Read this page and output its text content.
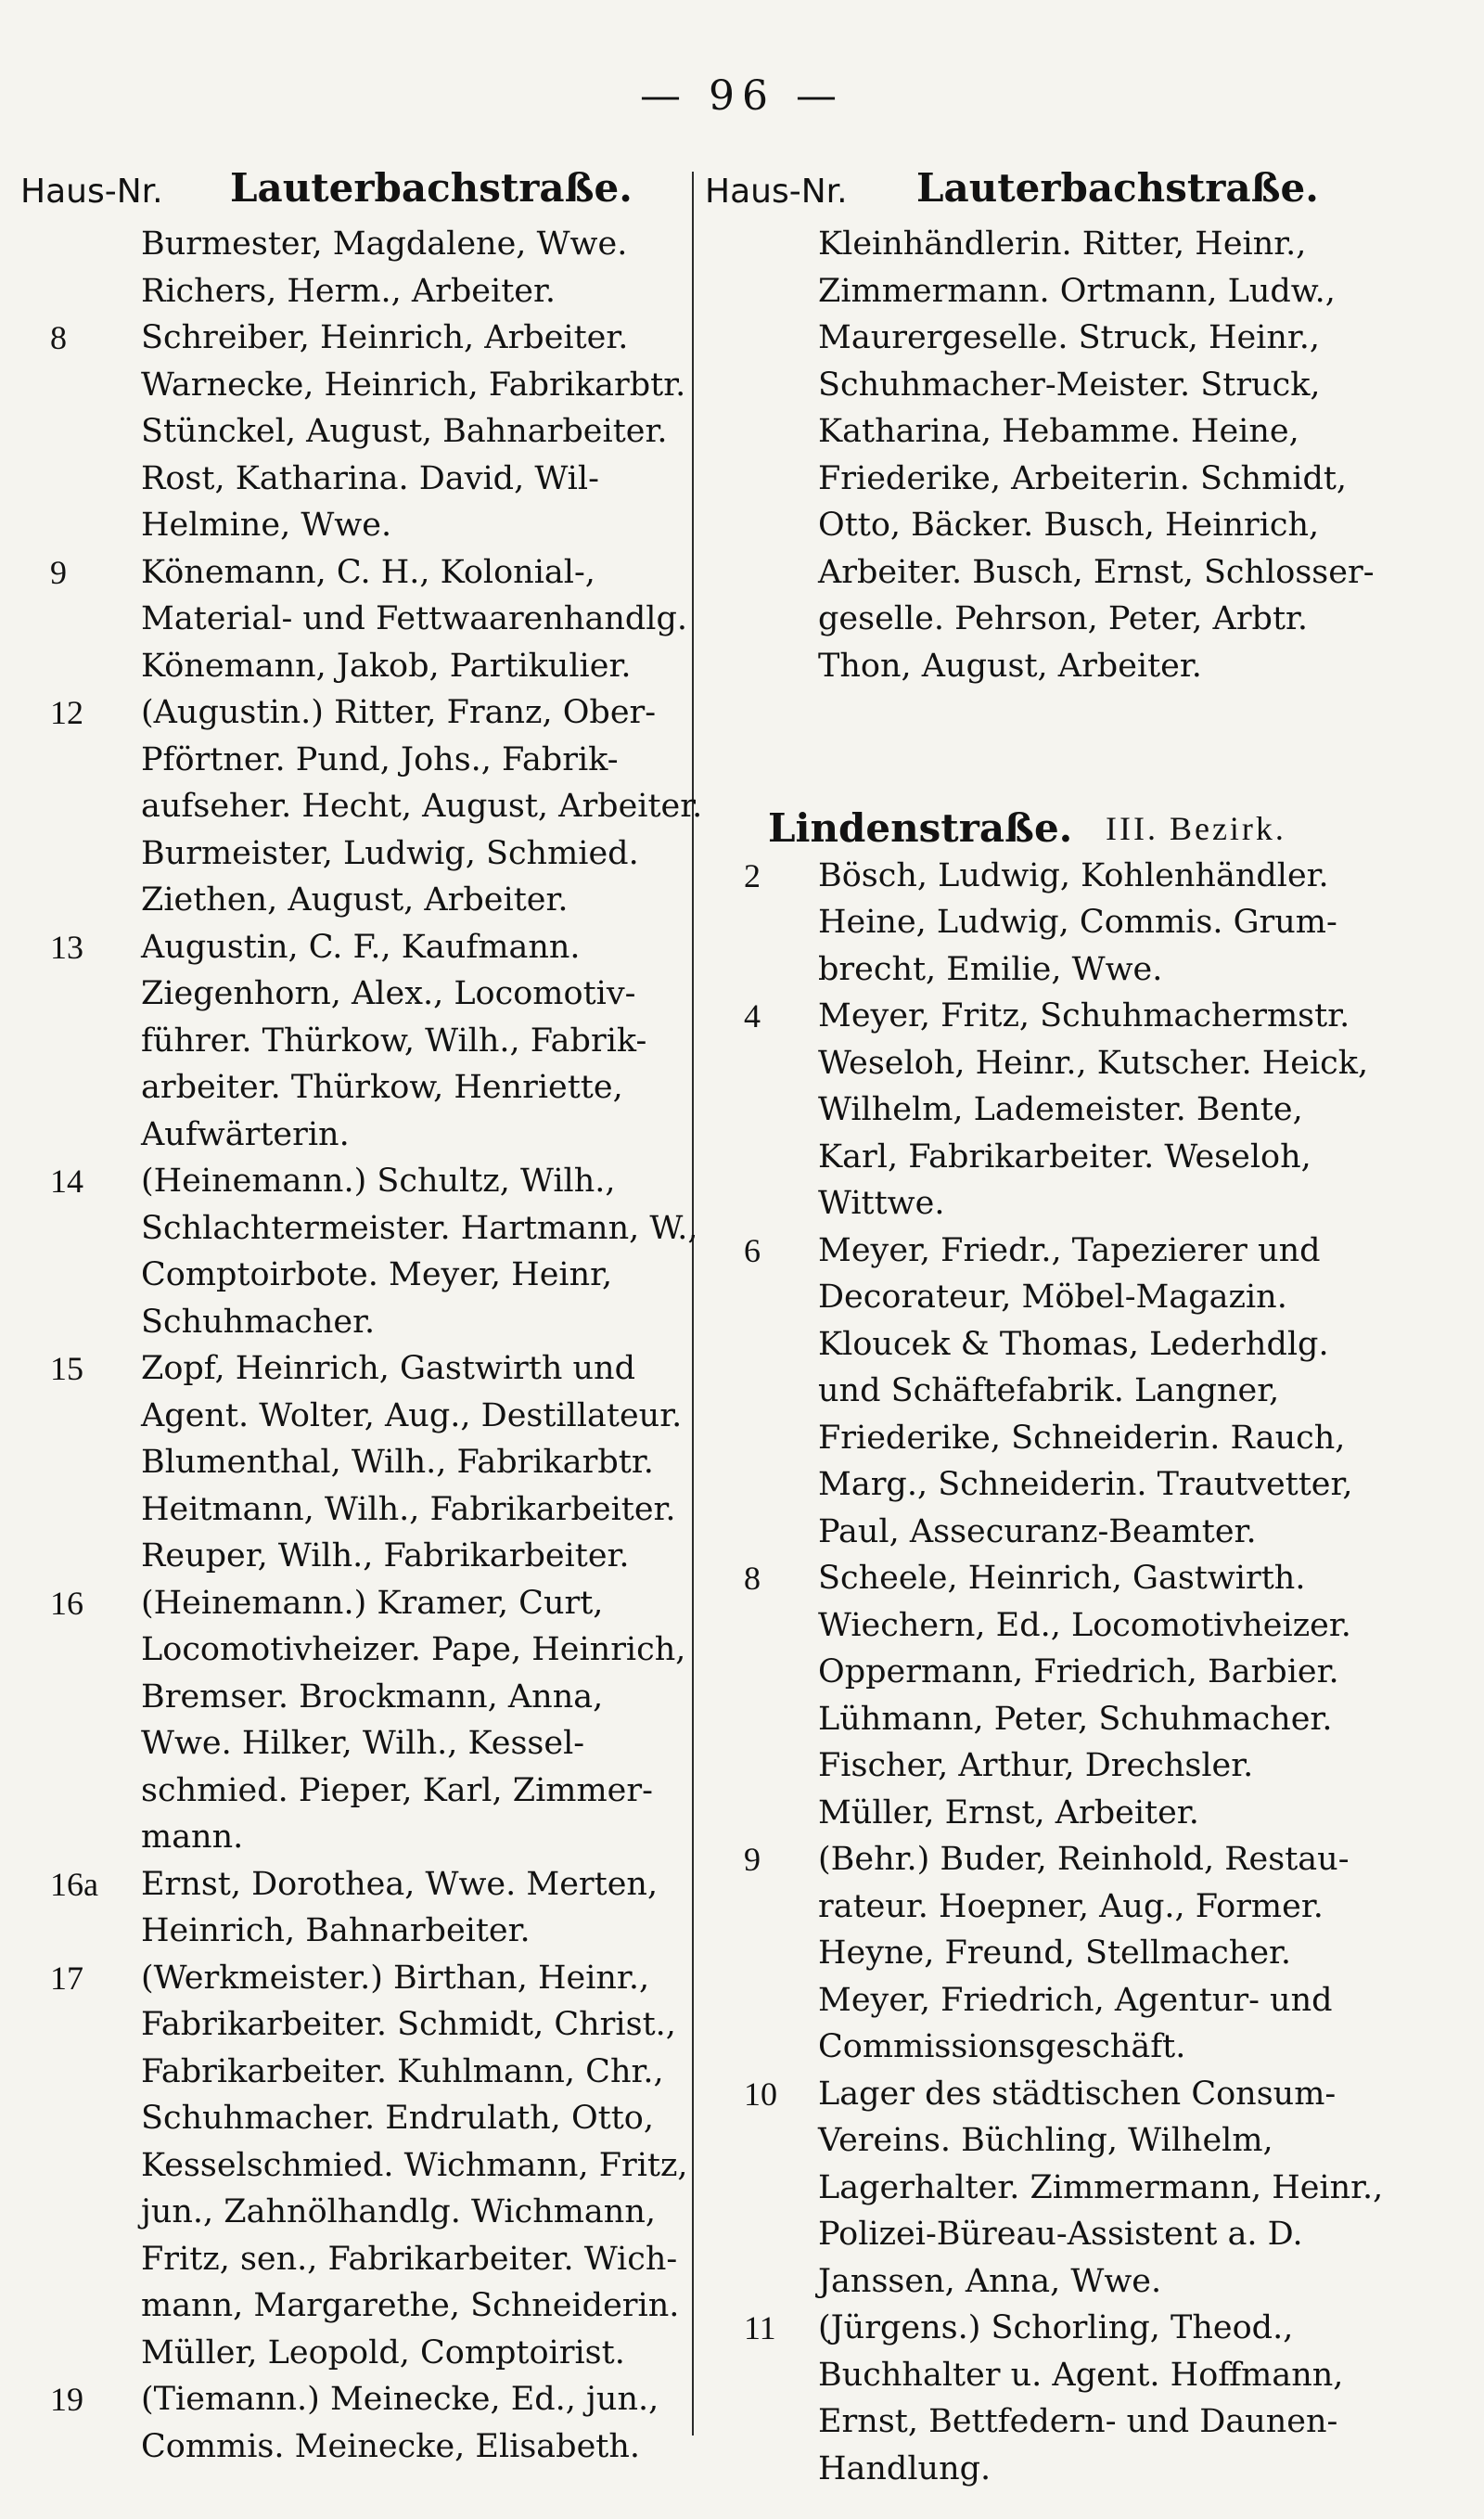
— 96 —
Haus-Nr. Lauterbachstraße.
Burmester, Magdalene, Wwe.
Richers, Herm., Arbeiter.
8	Schreiber, Heinrich, Arbeiter.
Warnecke, Heinrich, Fabrikarbtr.
Stünckel, August, Bahnarbeiter.
Rost, Katharina. David, Wil-
Helmine, Wwe.
9	Könemann, C. H., Kolonial-,
Material- und Fettwaarenhandlg.
Könemann, Jakob, Partikulier.
12	(Augustin.) Ritter, Franz, Ober-
Pförtner. Pund, Johs., Fabrik-
aufseher. Hecht, August, Arbeiter.
Burmeister, Ludwig, Schmied.
Ziethen, August, Arbeiter.
13	Augustin, C. F., Kaufmann.
Ziegenhorn, Alex., Locomotiv-
führer. Thürkow, Wilh., Fabrik-
arbeiter. Thürkow, Henriette,
Aufwärterin.
14	(Heinemann.) Schultz, Wilh.,
Schlachtermeister. Hartmann, W.,
Comptoirbote. Meyer, Heinr,
Schuhmacher.
15	Zopf, Heinrich, Gastwirth und
Agent. Wolter, Aug., Destillateur.
Blumenthal, Wilh., Fabrikarbtr.
Heitmann, Wilh., Fabrikarbeiter.
Reuper, Wilh., Fabrikarbeiter.
16	(Heinemann.) Kramer, Curt,
Locomotivheizer. Pape, Heinrich,
Bremser. Brockmann, Anna,
Wwe. Hilker, Wilh., Kessel-
schmied. Pieper, Karl, Zimmer-
mann.
16a	Ernst, Dorothea, Wwe. Merten,
Heinrich, Bahnarbeiter.
17	(Werkmeister.) Birthan, Heinr.,
Fabrikarbeiter. Schmidt, Christ.,
Fabrikarbeiter. Kuhlmann, Chr.,
Schuhmacher. Endrulath, Otto,
Kesselschmied. Wichmann, Fritz,
jun., Zahnölhandlg. Wichmann,
Fritz, sen., Fabrikarbeiter. Wich-
mann, Margarethe, Schneiderin.
Müller, Leopold, Comptoirist.
19	(Tiemann.) Meinecke, Ed., jun.,
Commis. Meinecke, Elisabeth.
Haus-Nr. Lauterbachstraße.
Kleinhändlerin. Ritter, Heinr.,
Zimmermann. Ortmann, Ludw.,
Maurergeselle. Struck, Heinr.,
Schuhmacher-Meister. Struck,
Katharina, Hebamme. Heine,
Friederike, Arbeiterin. Schmidt,
Otto, Bäcker. Busch, Heinrich,
Arbeiter. Busch, Ernst, Schlosser-
geselle. Pehrson, Peter, Arbtr.
Thon, August, Arbeiter.
Lindenstraße. III. Bezirk.
2	Bösch, Ludwig, Kohlenhändler.
Heine, Ludwig, Commis. Grum-
brecht, Emilie, Wwe.
4	Meyer, Fritz, Schuhmachermstr.
Weseloh, Heinr., Kutscher. Heick,
Wilhelm, Lademeister. Bente,
Karl, Fabrikarbeiter. Weseloh,
Wittwe.
6	Meyer, Friedr., Tapezierer und
Decorateur, Möbel-Magazin.
Kloucek & Thomas, Lederhdlg.
und Schäftefabrik. Langner,
Friederike, Schneiderin. Rauch,
Marg., Schneiderin. Trautvetter,
Paul, Assecuranz-Beamter.
8	Scheele, Heinrich, Gastwirth.
Wiechern, Ed., Locomotivheizer.
Oppermann, Friedrich, Barbier.
Lühmann, Peter, Schuhmacher.
Fischer, Arthur, Drechsler.
Müller, Ernst, Arbeiter.
9	(Behr.) Buder, Reinhold, Restau-
rateur. Hoepner, Aug., Former.
Heyne, Freund, Stellmacher.
Meyer, Friedrich, Agentur- und
Commissionsgeschäft.
10	Lager des städtischen Consum-
Vereins. Büchling, Wilhelm,
Lagerhalter. Zimmermann, Heinr.,
Polizei-Büreau-Assistent a. D.
Janssen, Anna, Wwe.
11	(Jürgens.) Schorling, Theod.,
Buchhalter u. Agent. Hoffmann,
Ernst, Bettfedern- und Daunen-
Handlung.
